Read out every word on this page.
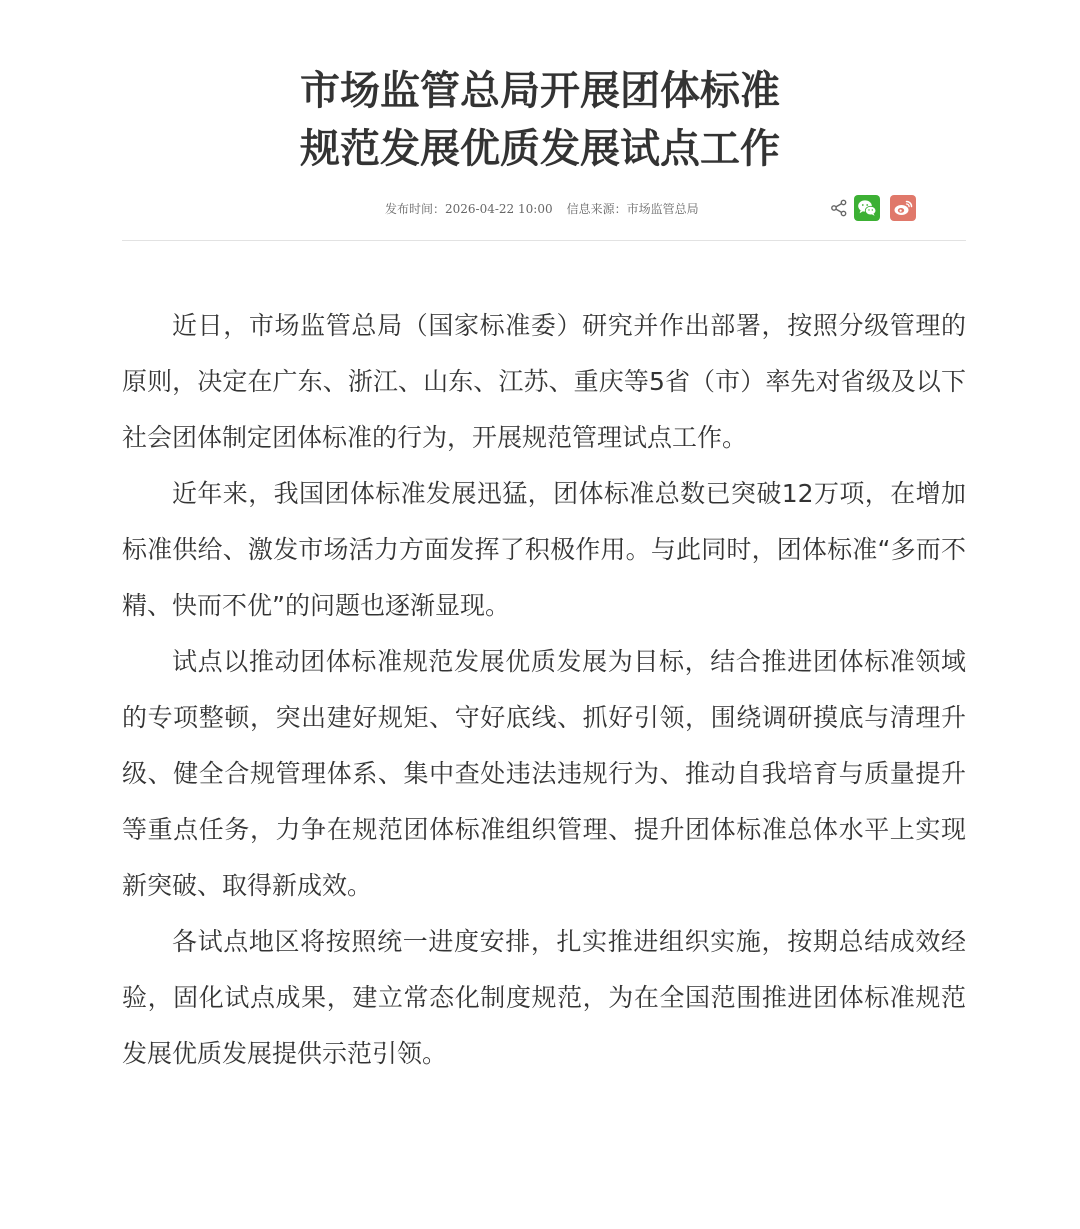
市场监管总局开展团体标准
规范发展优质发展试点工作
发布时间：2026-04-22 10:00 信息来源：市场监管总局

近日，市场监管总局（国家标准委）研究并作出部署，按照分级管理的原则，决定在广东、浙江、山东、江苏、重庆等5省（市）率先对省级及以下社会团体制定团体标准的行为，开展规范管理试点工作。

近年来，我国团体标准发展迅猛，团体标准总数已突破12万项，在增加标准供给、激发市场活力方面发挥了积极作用。与此同时，团体标准“多而不精、快而不优”的问题也逐渐显现。

试点以推动团体标准规范发展优质发展为目标，结合推进团体标准领域的专项整顿，突出建好规矩、守好底线、抓好引领，围绕调研摸底与清理升级、健全合规管理体系、集中查处违法违规行为、推动自我培育与质量提升等重点任务，力争在规范团体标准组织管理、提升团体标准总体水平上实现新突破、取得新成效。

各试点地区将按照统一进度安排，扎实推进组织实施，按期总结成效经验，固化试点成果，建立常态化制度规范，为在全国范围推进团体标准规范发展优质发展提供示范引领。
